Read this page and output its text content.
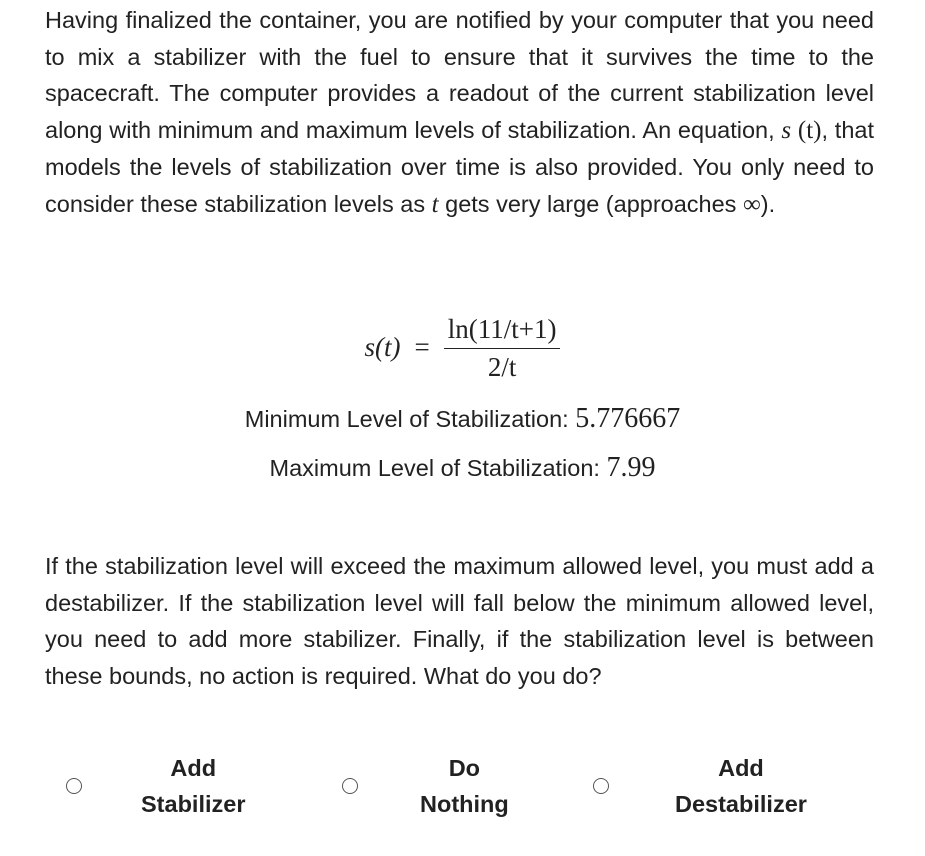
Having finalized the container, you are notified by your computer that you need to mix a stabilizer with the fuel to ensure that it survives the time to the spacecraft. The computer provides a readout of the current stabilization level along with minimum and maximum levels of stabilization. An equation, s (t), that models the levels of stabilization over time is also provided. You only need to consider these stabilization levels as t gets very large (approaches ∞).

$s(t) = \frac{\ln(11/t+1)}{2/t}$
Minimum Level of Stabilization: 5.776667
Maximum Level of Stabilization: 7.99

If the stabilization level will exceed the maximum allowed level, you must add a destabilizer. If the stabilization level will fall below the minimum allowed level, you need to add more stabilizer. Finally, if the stabilization level is between these bounds, no action is required. What do you do?

Add
Stabilizer
Do
Nothing
Add
Destabilizer
